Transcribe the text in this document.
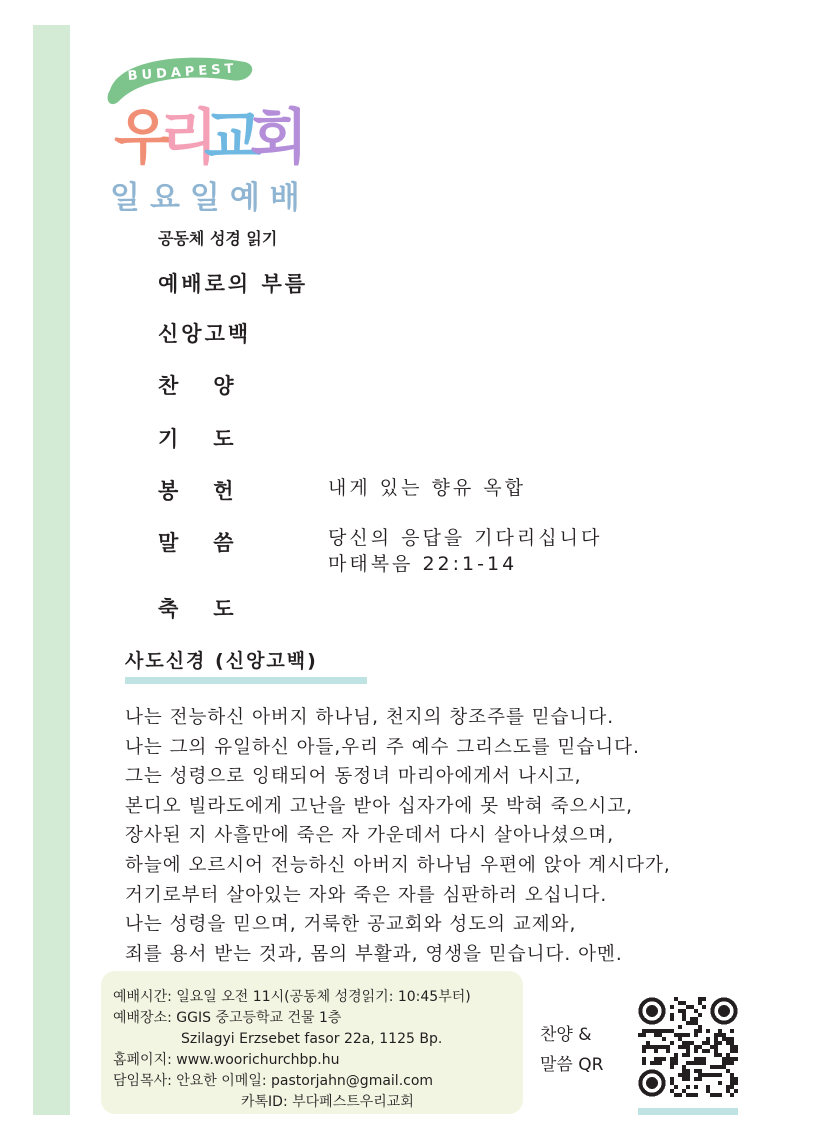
BUDAPEST
우
리
교
회
일요일예배
공동체 성경 읽기
예배로의 부름
신앙고백
찬양
기도
봉헌	내게 있는 향유 옥합
말씀	당신의 응답을 기다리십니다
마태복음 22:1-14
축도
사도신경 (신앙고백)
나는 전능하신 아버지 하나님, 천지의 창조주를 믿습니다.
나는 그의 유일하신 아들,우리 주 예수 그리스도를 믿습니다.
그는 성령으로 잉태되어 동정녀 마리아에게서 나시고,
본디오 빌라도에게 고난을 받아 십자가에 못 박혀 죽으시고,
장사된 지 사흘만에 죽은 자 가운데서 다시 살아나셨으며,
하늘에 오르시어 전능하신 아버지 하나님 우편에 앉아 계시다가,
거기로부터 살아있는 자와 죽은 자를 심판하러 오십니다.
나는 성령을 믿으며, 거룩한 공교회와 성도의 교제와,
죄를 용서 받는 것과, 몸의 부활과, 영생을 믿습니다. 아멘.
예배시간: 일요일 오전 11시(공동체 성경읽기: 10:45부터)
예배장소: GGIS 중고등학교 건물 1층
Szilagyi Erzsebet fasor 22a, 1125 Bp.
홈페이지: www.woorichurchbp.hu
담임목사: 안요한 이메일: pastorjahn@gmail.com
카톡ID: 부다페스트우리교회
찬양 &
말씀 QR
